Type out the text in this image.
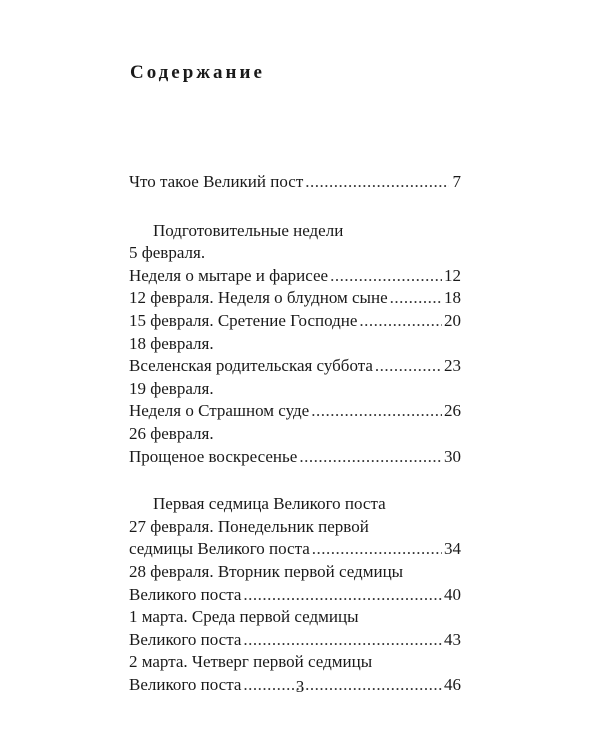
Содержание
Что такое Великий пост .....	7
Подготовительные недели
5 февраля.
Неделя о мытаре и фарисее .....	12
12 февраля. Неделя о блудном сыне .....	18
15 февраля. Сретение Господне .....	20
18 февраля.
Вселенская родительская суббота .....	23
19 февраля.
Неделя о Страшном суде .....	26
26 февраля.
Прощеное воскресенье .....	30
Первая седмица Великого поста
27 февраля. Понедельник первой
седмицы Великого поста .....	34
28 февраля. Вторник первой седмицы
Великого поста .....	40
1 марта. Среда первой седмицы
Великого поста .....	43
2 марта. Четверг первой седмицы
Великого поста .....	46
3
